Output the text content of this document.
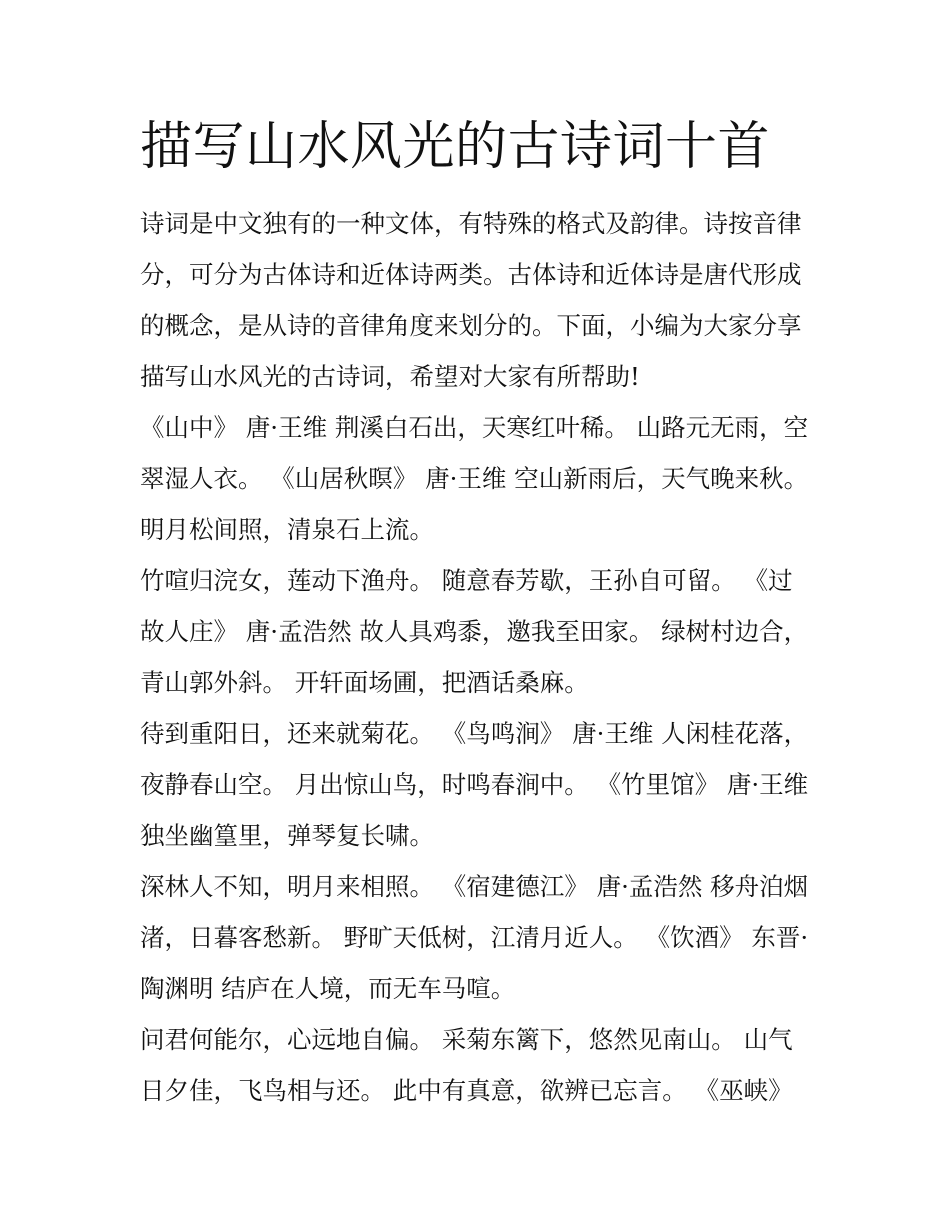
描写山水风光的古诗词十首

诗词是中文独有的一种文体，有特殊的格式及韵律。诗按音律
分，可分为古体诗和近体诗两类。古体诗和近体诗是唐代形成
的概念，是从诗的音律角度来划分的。下面，小编为大家分享
描写山水风光的古诗词，希望对大家有所帮助!

《山中》 唐·王维 荆溪白石出，天寒红叶稀。 山路元无雨，空
翠湿人衣。 《山居秋暝》 唐·王维 空山新雨后，天气晚来秋。
明月松间照，清泉石上流。

竹喧归浣女，莲动下渔舟。 随意春芳歇，王孙自可留。 《过
故人庄》 唐·孟浩然 故人具鸡黍，邀我至田家。 绿树村边合，
青山郭外斜。 开轩面场圃，把酒话桑麻。

待到重阳日，还来就菊花。 《鸟鸣涧》 唐·王维 人闲桂花落，
夜静春山空。 月出惊山鸟，时鸣春涧中。 《竹里馆》 唐·王维
独坐幽篁里，弹琴复长啸。

深林人不知，明月来相照。 《宿建德江》 唐·孟浩然 移舟泊烟
渚，日暮客愁新。 野旷天低树，江清月近人。 《饮酒》 东晋·
陶渊明 结庐在人境，而无车马喧。

问君何能尔，心远地自偏。 采菊东篱下，悠然见南山。 山气
日夕佳，飞鸟相与还。 此中有真意，欲辨已忘言。 《巫峡》
